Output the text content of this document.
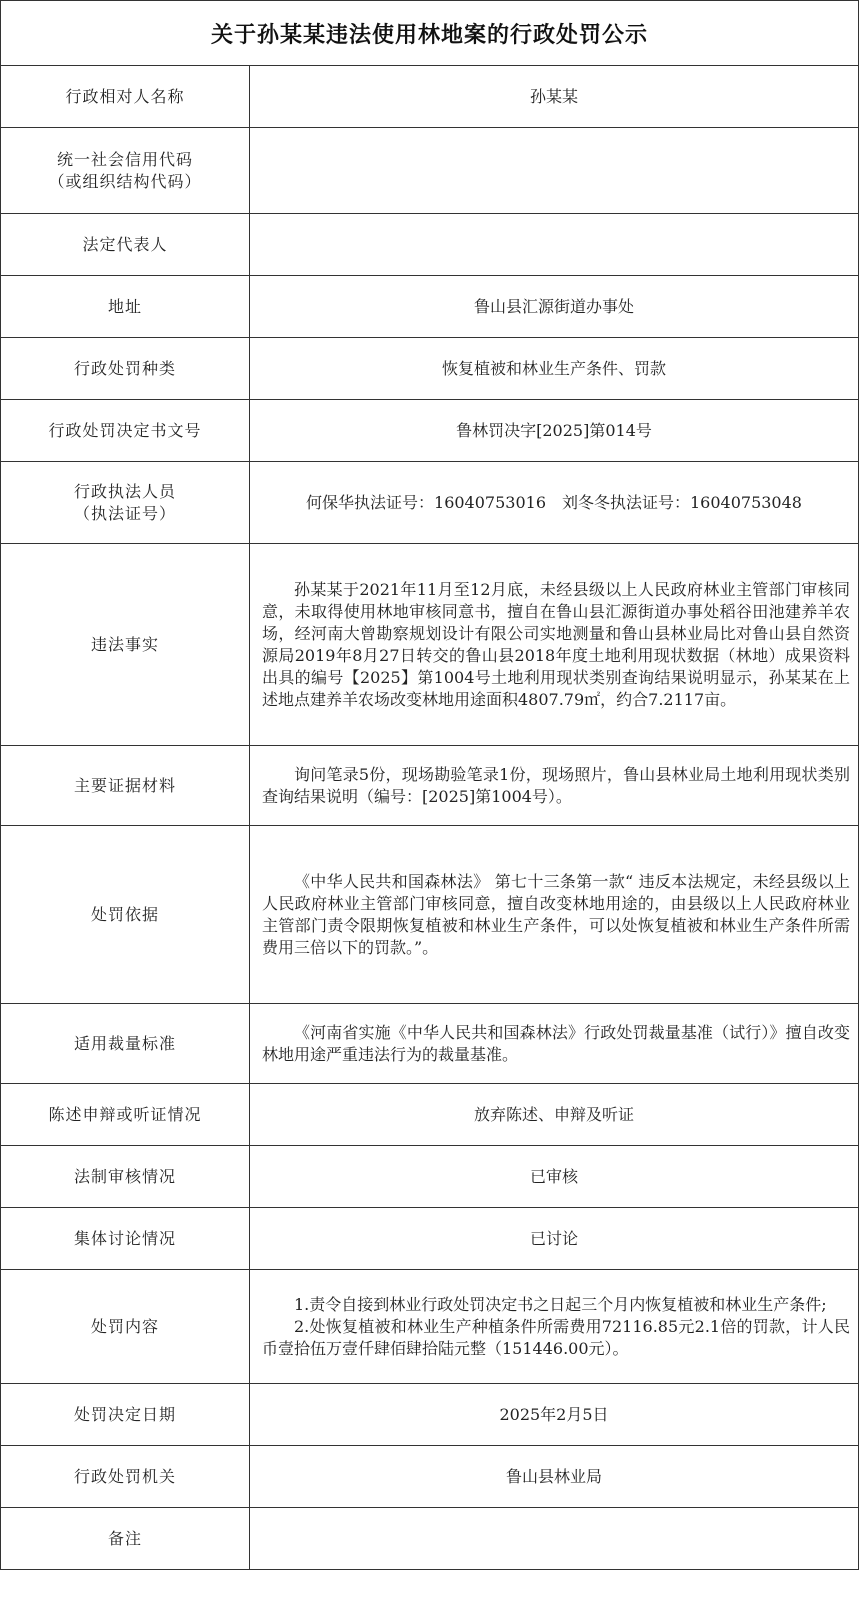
关于孙某某违法使用林地案的行政处罚公示
行政相对人名称	孙某某

统一社会信用代码
（或组织结构代码）	

法定代表人	
地址	鲁山县汇源街道办事处
行政处罚种类	恢复植被和林业生产条件、罚款
行政处罚决定书文号	鲁林罚决字[2025]第014号

行政执法人员
（执法证号）	何保华执法证号：16040753016　刘冬冬执法证号：16040753048
违法事实	孙某某于2021年11月至12月底，未经县级以上人民政府林业主管部门审核同意，未取得使用林地审核同意书，擅自在鲁山县汇源街道办事处稻谷田池建养羊农场，经河南大曾勘察规划设计有限公司实地测量和鲁山县林业局比对鲁山县自然资源局2019年8月27日转交的鲁山县2018年度土地利用现状数据（林地）成果资料出具的编号【2025】第1004号土地利用现状类别查询结果说明显示，孙某某在上述地点建养羊农场改变林地用途面积4807.79㎡，约合7.2117亩。

主要证据材料	询问笔录5份，现场勘验笔录1份，现场照片，鲁山县林业局土地利用现状类别查询结果说明（编号：[2025]第1004号）。

处罚依据	《中华人民共和国森林法》 第七十三条第一款“ 违反本法规定，未经县级以上人民政府林业主管部门审核同意，擅自改变林地用途的，由县级以上人民政府林业主管部门责令限期恢复植被和林业生产条件，可以处恢复植被和林业生产条件所需费用三倍以下的罚款。”。

适用裁量标准	《河南省实施《中华人民共和国森林法》行政处罚裁量基准（试行）》擅自改变林地用途严重违法行为的裁量基准。

陈述申辩或听证情况	放弃陈述、申辩及听证
法制审核情况	已审核
集体讨论情况	已讨论
处罚内容	1.责令自接到林业行政处罚决定书之日起三个月内恢复植被和林业生产条件;
2.处恢复植被和林业生产种植条件所需费用72116.85元2.1倍的罚款，计人民币壹拾伍万壹仟肆佰肆拾陆元整（151446.00元）。

处罚决定日期	2025年2月5日
行政处罚机关	鲁山县林业局
备注	
